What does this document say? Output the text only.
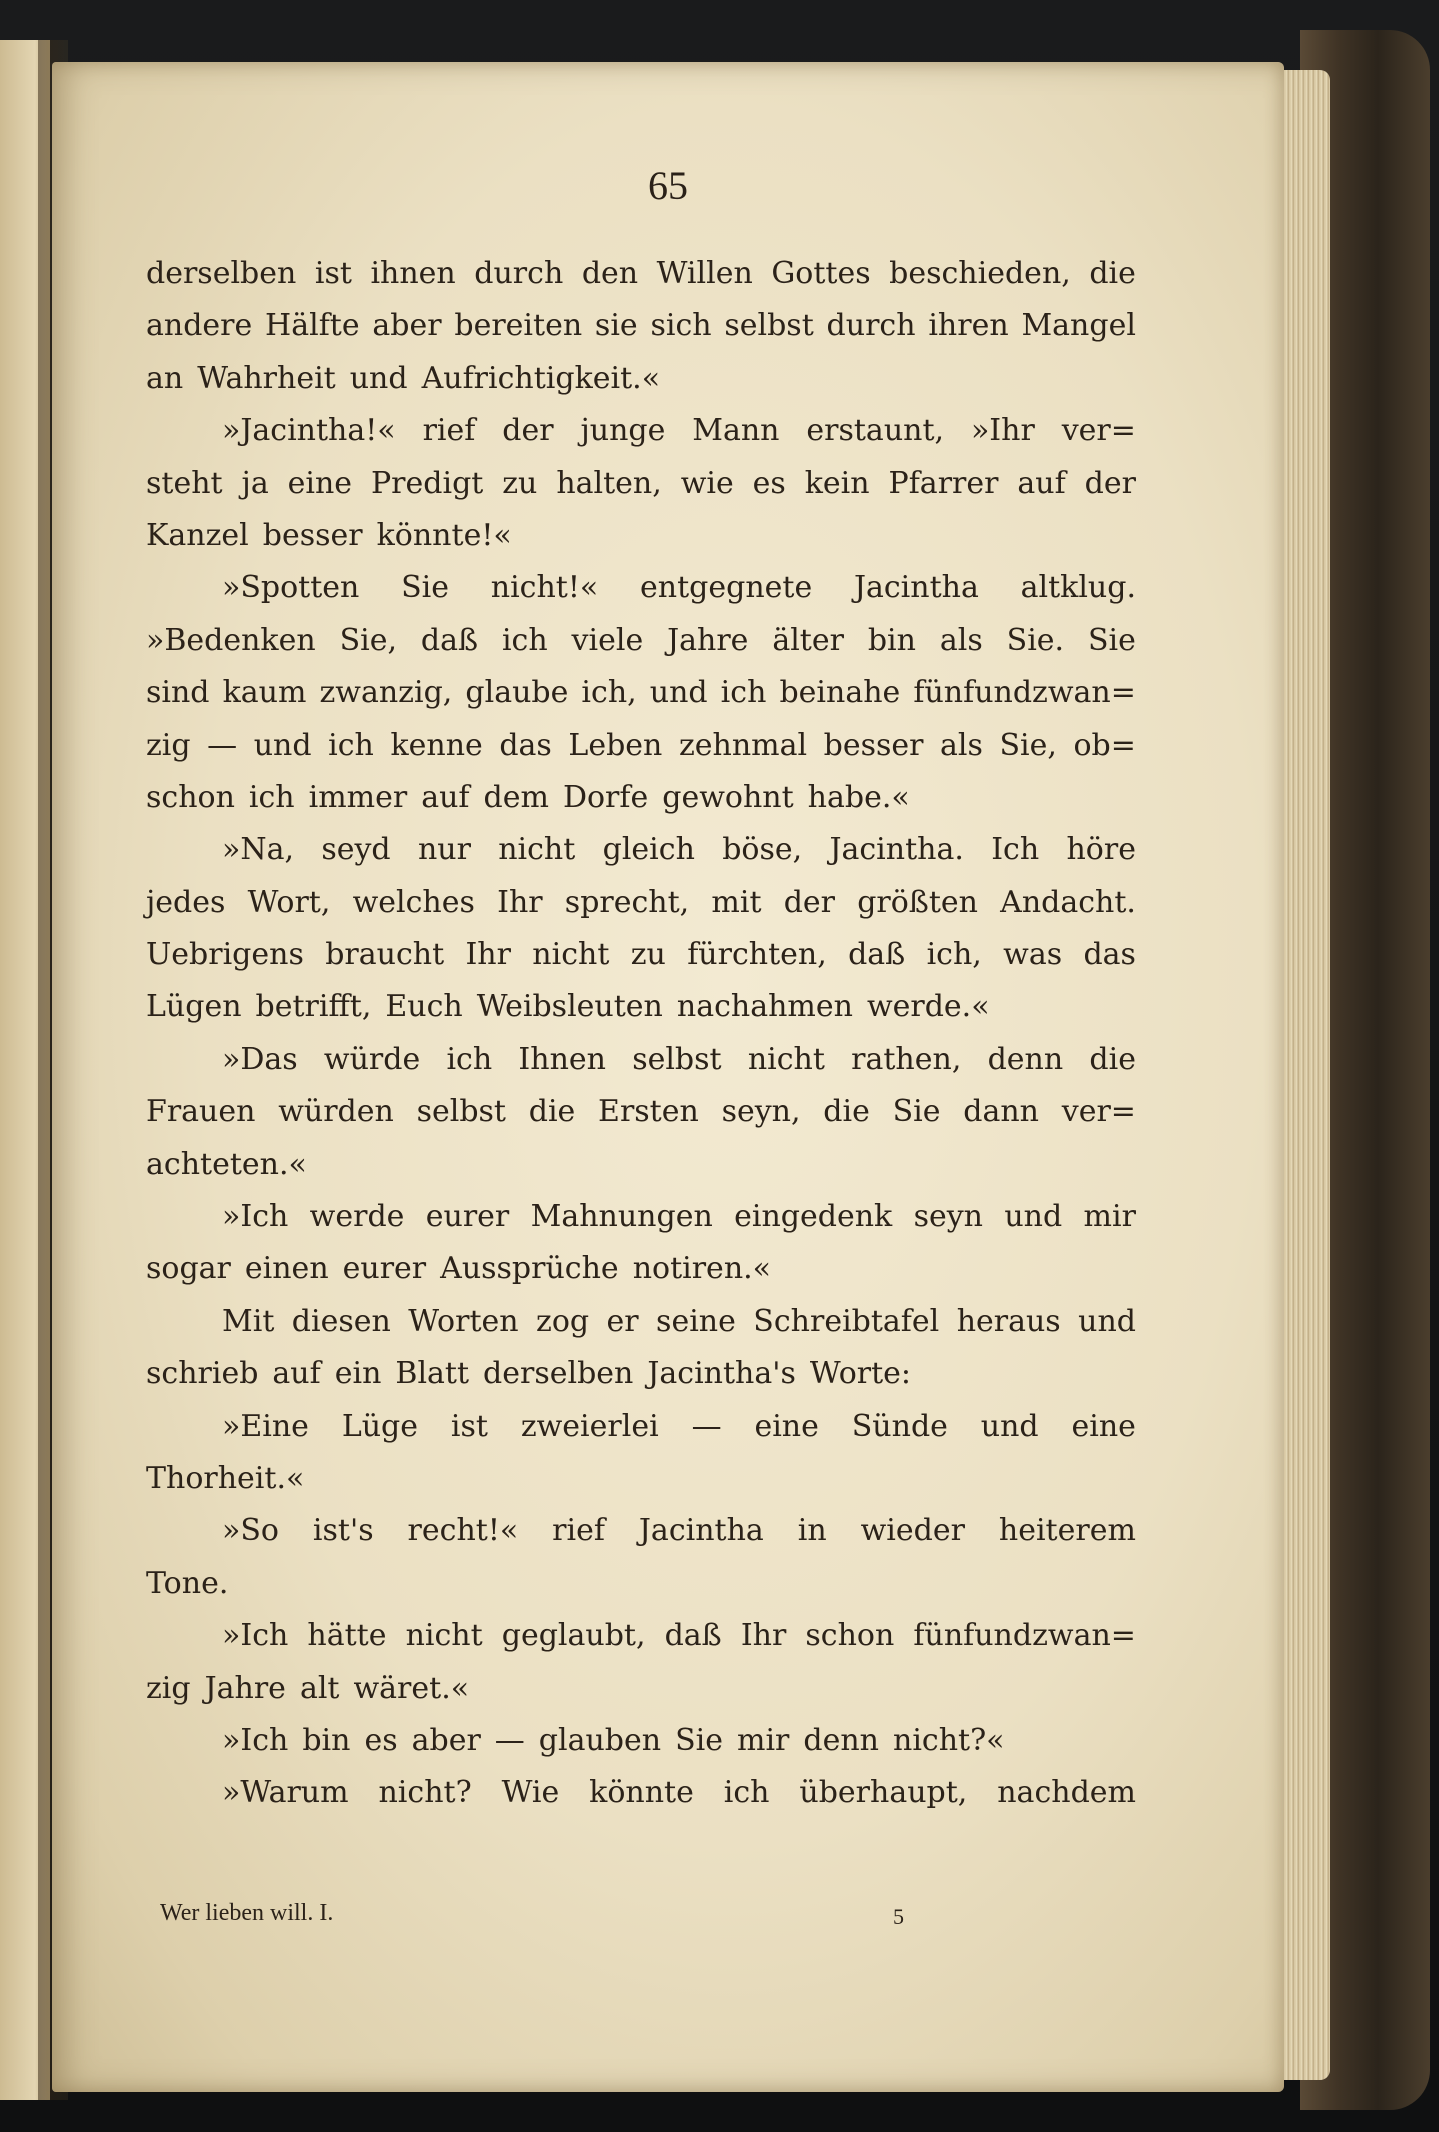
65
derselben ist ihnen durch den Willen Gottes beschieden, die
andere Hälfte aber bereiten sie sich selbst durch ihren Mangel
an Wahrheit und Aufrichtigkeit.«
»Jacintha!« rief der junge Mann erstaunt, »Ihr ver=
steht ja eine Predigt zu halten, wie es kein Pfarrer auf der
Kanzel besser könnte!«
»Spotten Sie nicht!« entgegnete Jacintha altklug.
»Bedenken Sie, daß ich viele Jahre älter bin als Sie. Sie
sind kaum zwanzig, glaube ich, und ich beinahe fünfundzwan=
zig — und ich kenne das Leben zehnmal besser als Sie, ob=
schon ich immer auf dem Dorfe gewohnt habe.«
»Na, seyd nur nicht gleich böse, Jacintha. Ich höre
jedes Wort, welches Ihr sprecht, mit der größten Andacht.
Uebrigens braucht Ihr nicht zu fürchten, daß ich, was das
Lügen betrifft, Euch Weibsleuten nachahmen werde.«
»Das würde ich Ihnen selbst nicht rathen, denn die
Frauen würden selbst die Ersten seyn, die Sie dann ver=
achteten.«
»Ich werde eurer Mahnungen eingedenk seyn und mir
sogar einen eurer Aussprüche notiren.«
Mit diesen Worten zog er seine Schreibtafel heraus und
schrieb auf ein Blatt derselben Jacintha's Worte:
»Eine Lüge ist zweierlei — eine Sünde und eine
Thorheit.«
»So ist's recht!« rief Jacintha in wieder heiterem
Tone.
»Ich hätte nicht geglaubt, daß Ihr schon fünfundzwan=
zig Jahre alt wäret.«
»Ich bin es aber — glauben Sie mir denn nicht?«
»Warum nicht? Wie könnte ich überhaupt, nachdem
Wer lieben will. I.	5
